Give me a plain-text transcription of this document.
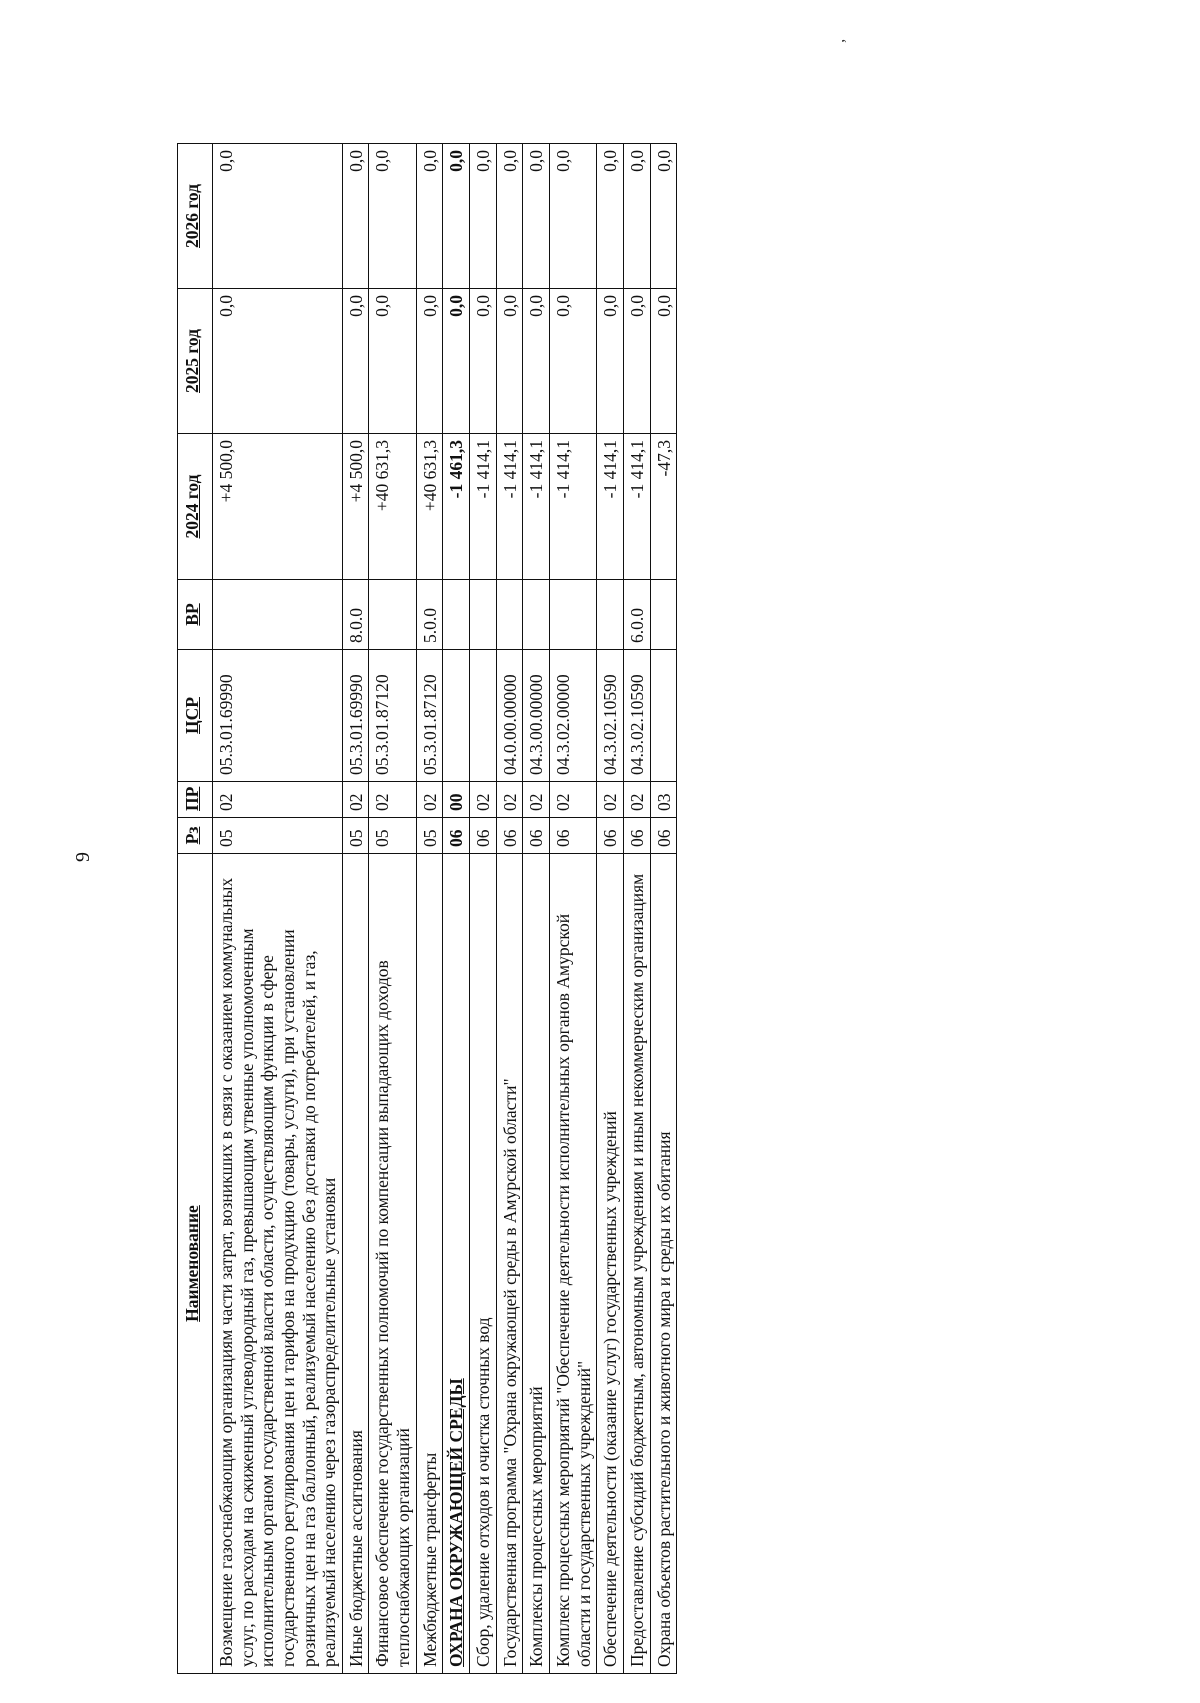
9
’
Наименование	Рз	ПР	ЦСР	ВР	2024 год	2025 год	2026 год
Возмещение газоснабжающим организациям части затрат, возникших в связи с оказанием коммунальных услуг, по расходам на сжиженный углеводородный газ, превышающим утвенные уполномоченным исполнительным органом государственной власти области, осуществляющим функции в сфере государственного регулирования цен и тарифов на продукцию (товары, услуги), при установлении розничных цен на газ баллонный, реализуемый населению без доставки до потребителей, и газ, реализуемый населению через газораспределительные установки	05	02	05.3.01.69990		+4 500,0	0,0	0,0
Иные бюджетные ассигнования	05	02	05.3.01.69990	8.0.0	+4 500,0	0,0	0,0
Финансовое обеспечение государственных полномочий по компенсации выпадающих доходов теплоснабжающих организаций	05	02	05.3.01.87120		+40 631,3	0,0	0,0
Межбюджетные трансферты	05	02	05.3.01.87120	5.0.0	+40 631,3	0,0	0,0
ОХРАНА ОКРУЖАЮЩЕЙ СРЕДЫ	06	00			-1 461,3	0,0	0,0
Сбор, удаление отходов и очистка сточных вод	06	02			-1 414,1	0,0	0,0
Государственная программа "Охрана окружающей среды в Амурской области"	06	02	04.0.00.00000		-1 414,1	0,0	0,0
Комплексы процессных мероприятий	06	02	04.3.00.00000		-1 414,1	0,0	0,0
Комплекс процессных мероприятий "Обеспечение деятельности исполнительных органов Амурской области и государственных учреждений"	06	02	04.3.02.00000		-1 414,1	0,0	0,0
Обеспечение деятельности (оказание услуг) государственных учреждений	06	02	04.3.02.10590		-1 414,1	0,0	0,0
Предоставление субсидий бюджетным, автономным учреждениям и иным некоммерческим организациям	06	02	04.3.02.10590	6.0.0	-1 414,1	0,0	0,0
Охрана объектов растительного и животного мира и среды их обитания	06	03			-47,3	0,0	0,0
